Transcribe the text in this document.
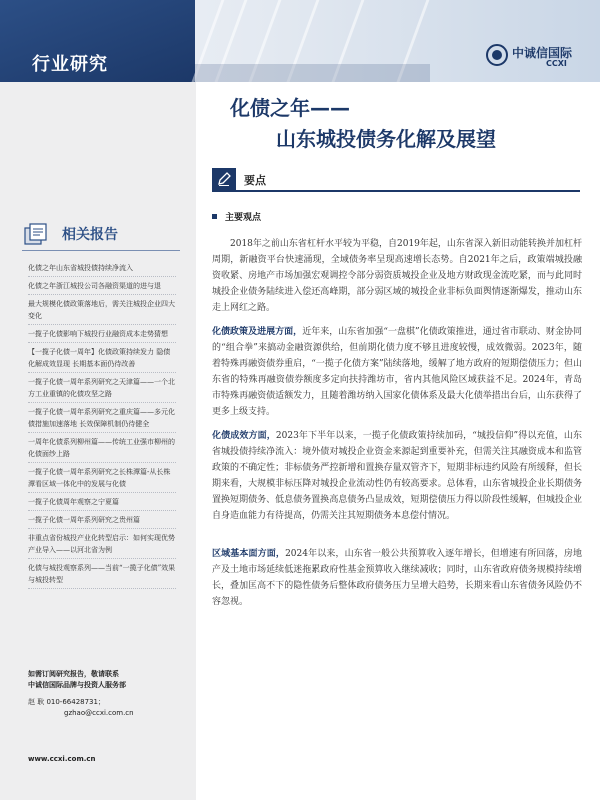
行业研究
中诚信国际
CCXI
相关报告
化债之年山东省城投债持续净流入
化债之年浙江城投公司各融资渠道的进与退
最大规模化债政策落地后，需关注城投企业四大变化
一揽子化债影响下城投行业融资成本走势猜想
【一揽子化债一周年】化债政策持续发力 隐债化解成效显现 长期基本面仍待改善
一揽子化债一周年系列研究之天津篇——一个北方工业重镇的化债攻坚之路
一揽子化债一周年系列研究之重庆篇——多元化债措施加速落地 长效保障机制仍待健全
一周年化债系列柳州篇——传统工业强市柳州的化债面纱上路
一揽子化债一周年系列研究之长株潭篇-从长株潭看区域一体化中的发展与化债
一揽子化债周年观察之宁夏篇
一揽子化债一周年系列研究之贵州篇
非重点省份城投产业化转型启示：如何实现优势产业导入——以河北省为例
化债与城投观察系列——当前“一揽子化债”效果与城投转型
如需订阅研究报告，敬请联系
中诚信国际品牌与投资人服务部
赵 耿 010-66428731；
gzhao@ccxi.com.cn
www.ccxi.com.cn
化债之年——
山东城投债务化解及展望
要点
主要观点

2018年之前山东省杠杆水平较为平稳，自2019年起，山东省深入新旧动能转换并加杠杆周期，新融资平台快速涌现，全域债务率呈现高速增长态势。自2021年之后，政策端城投融资收紧、房地产市场加强宏观调控令部分弱资质城投企业及地方财政现金流吃紧，而与此同时城投企业债务陆续进入偿还高峰期，部分弱区域的城投企业非标负面舆情逐渐爆发，推动山东走上网红之路。

化债政策及进展方面，近年来，山东省加强“一盘棋”化债政策推进，通过省市联动、财金协同的“组合拳”来搞动金融资源供给，但前期化债力度不够且进度较慢，成效微弱。2023年，随着特殊再融资债券重启，“一揽子化债方案”陆续落地，缓解了地方政府的短期偿债压力；但山东省的特殊再融资债券额度多定向扶持潍坊市，省内其他风险区域获益不足。2024年，青岛市特殊再融资债适额发力，且随着潍坊纳入国家化债体系及最大化债举措出台后，山东获得了更多上级支持。

化债成效方面，2023年下半年以来，一揽子化债政策持续加码，“城投信仰”得以充值，山东省城投债持续净流入：境外债对城投企业资金来源起到重要补充，但需关注其融资成本和监管政策的不确定性；非标债务严控新增和置换存量双管齐下，短期非标违约风险有所缓释，但长期来看，大规模非标压降对城投企业流动性仍有较高要求。总体看，山东省城投企业长期债务置换短期债务、低息债务置换高息债务凸显成效，短期偿债压力得以阶段性缓解，但城投企业自身造血能力有待提高，仍需关注其短期债务本息偿付情况。

区域基本面方面，2024年以来，山东省一般公共预算收入逐年增长，但增速有所回落，房地产及土地市场延续低迷拖累政府性基金预算收入继续减收；同时，山东省政府债务规模持续增长，叠加匡高不下的隐性债务后整体政府债务压力呈增大趋势，长期来看山东省债务风险仍不容忽视。
